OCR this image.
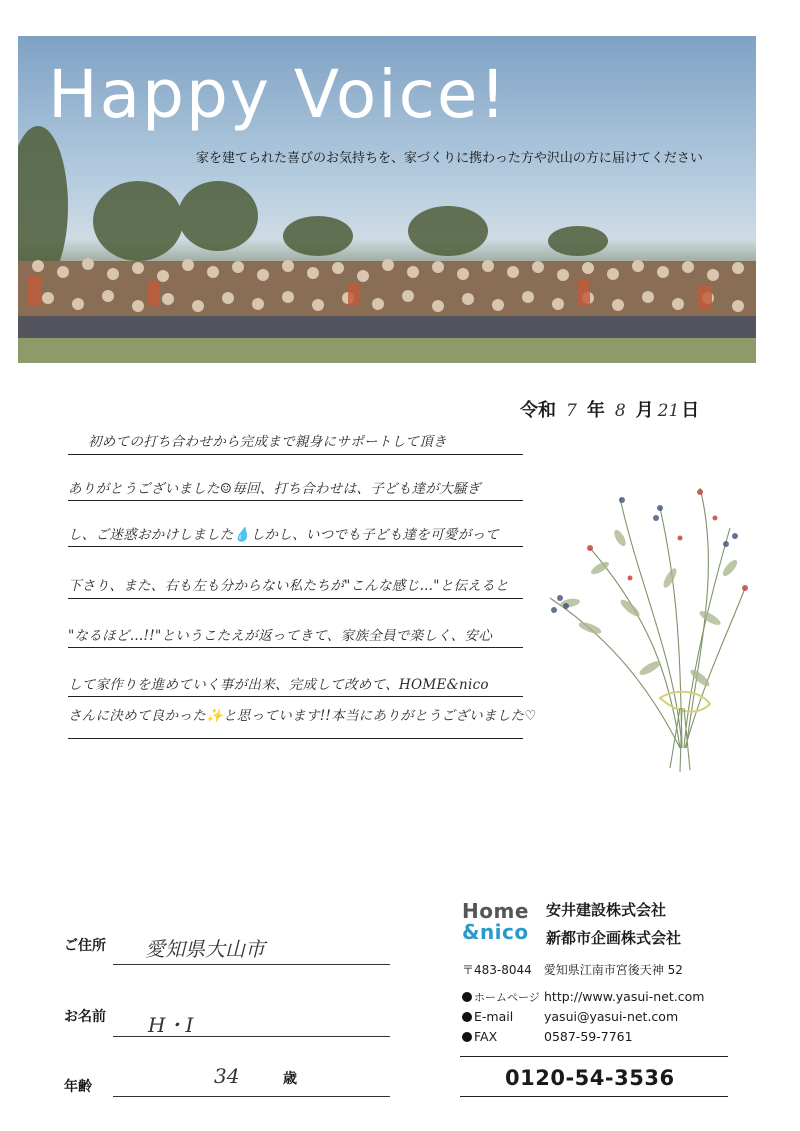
Happy Voice!
家を建てられた喜びのお気持ちを、家づくりに携わった方や沢山の方に届けてください
令和 7 年 8 月 21 日
初めての打ち合わせから完成まで親身にサポートして頂き
ありがとうございました☺毎回、打ち合わせは、子ども達が大騒ぎ
し、ご迷惑おかけしました💧しかし、いつでも子ども達を可愛がって
下さり、また、右も左も分からない私たちが"こんな感じ…"と伝えると
"なるほど…!!"というこたえが返ってきて、家族全員で楽しく、安心
して家作りを進めていく事が出来、完成して改めて、HOME&nico
さんに決めて良かった✨と思っています!!本当にありがとうございました♡
ご住所 愛知県大山市
お名前 H・I
年齢	34	歳
Home
&nico
安井建設株式会社
新都市企画株式会社
〒483-8044　愛知県江南市宮後天神 52
ホームページ http://www.yasui-net.com
E-mail yasui@yasui-net.com
FAX	0587-59-7761
0120-54-3536
